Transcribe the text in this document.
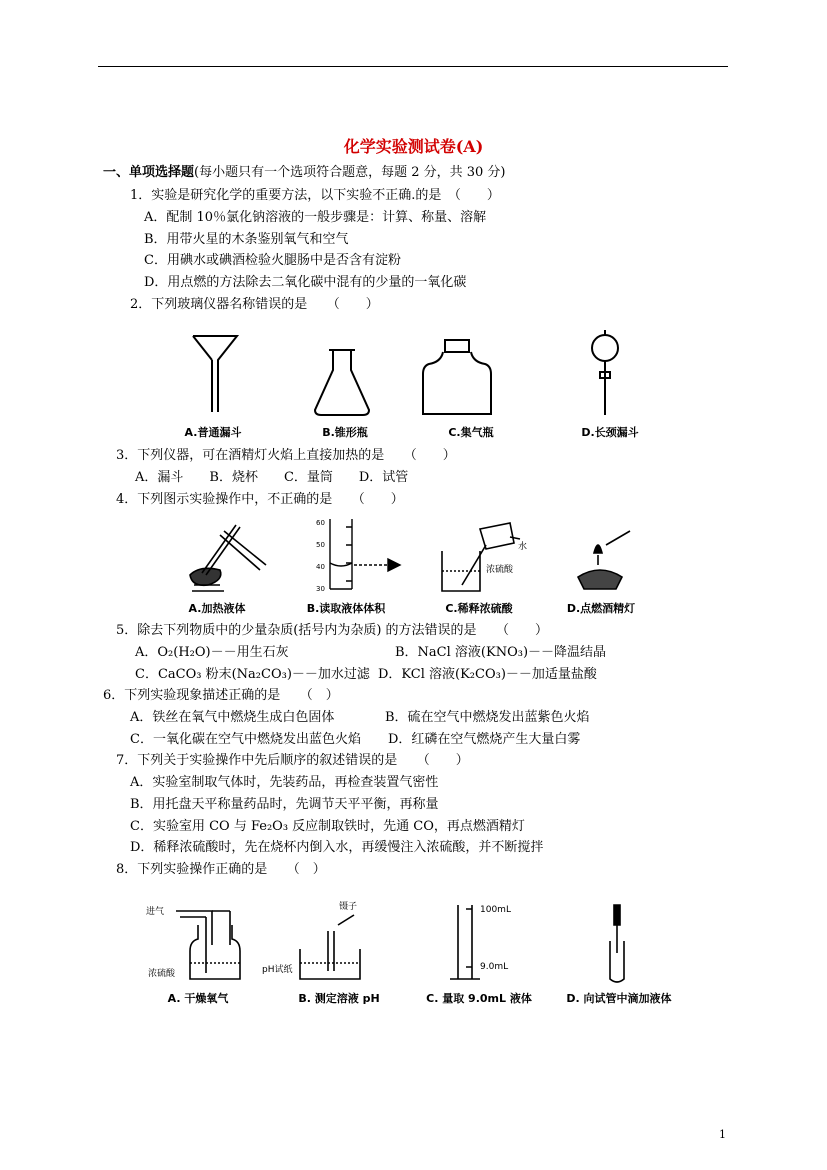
化学实验测试卷(A)
一、单项选择题(每小题只有一个选项符合题意，每题 2 分，共 30 分)
1．实验是研究化学的重要方法，以下实验不正确.的是　（　　）
A．配制 10％氯化钠溶液的一般步骤是：计算、称量、溶解
B．用带火星的木条鉴别氧气和空气
C．用碘水或碘酒检验火腿肠中是否含有淀粉
D．用点燃的方法除去二氧化碳中混有的少量的一氧化碳
2．下列玻璃仪器名称错误的是　　（　　）
A.普通漏斗	B.锥形瓶	C.集气瓶	D.长颈漏斗
3．下列仪器，可在酒精灯火焰上直接加热的是　　（　　）
A．漏斗　　B．烧杯　　C．量筒　　D．试管
4．下列图示实验操作中，不正确的是　　（　　）
60
50
40
30
水
浓硫酸
A.加热液体	B.读取液体体积	C.稀释浓硫酸	D.点燃酒精灯
5．除去下列物质中的少量杂质(括号内为杂质) 的方法错误的是　　（　　）
A．O₂(H₂O)－－用生石灰	B．NaCl 溶液(KNO₃)－－降温结晶
C．CaCO₃ 粉末(Na₂CO₃)－－加水过滤 D．KCl 溶液(K₂CO₃)－－加适量盐酸
6．下列实验现象描述正确的是　　（　）
A．铁丝在氧气中燃烧生成白色固体	B．硫在空气中燃烧发出蓝紫色火焰
C．一氧化碳在空气中燃烧发出蓝色火焰 D．红磷在空气燃烧产生大量白雾
7．下列关于实验操作中先后顺序的叙述错误的是　　（　　）
A．实验室制取气体时，先装药品，再检查装置气密性
B．用托盘天平称量药品时，先调节天平平衡，再称量
C．实验室用 CO 与 Fe₂O₃ 反应制取铁时，先通 CO，再点燃酒精灯
D．稀释浓硫酸时，先在烧杯内倒入水，再缓慢注入浓硫酸，并不断搅拌
8．下列实验操作正确的是　　（　）
进气
浓硫酸	pH试纸
镊子	100mL
9.0mL
A. 干燥氧气	B. 测定溶液 pH	C. 量取 9.0mL 液体	D. 向试管中滴加液体
1
